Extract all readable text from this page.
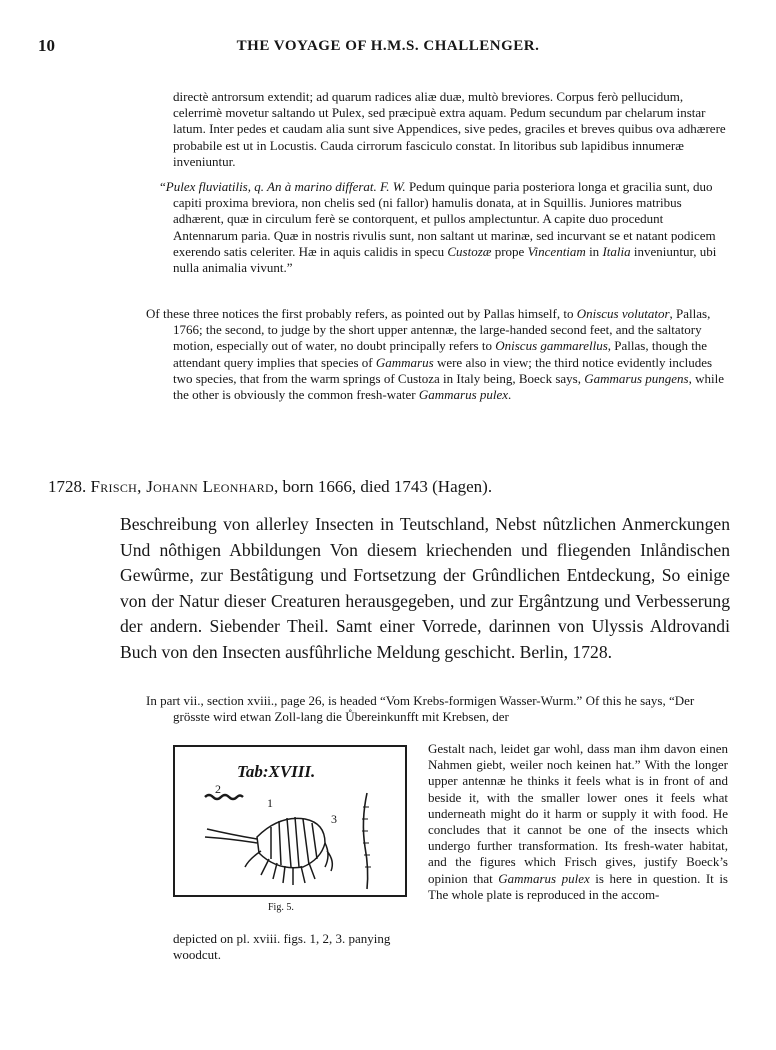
10	THE VOYAGE OF H.M.S. CHALLENGER.

directè antrorsum extendit; ad quarum radices aliæ duæ, multò breviores. Corpus ferò pellucidum, celerrimè movetur saltando ut Pulex, sed præcipuè extra aquam. Pedum secundum par chelarum instar latum. Inter pedes et caudam alia sunt sive Appendices, sive pedes, graciles et breves quibus ova adhærere probabile est ut in Locustis. Cauda cirrorum fasciculo constat. In litoribus sub lapidibus innumeræ inveniuntur.

“Pulex fluviatilis, q. An à marino differat. F. W. Pedum quinque paria posteriora longa et gracilia sunt, duo capiti proxima breviora, non chelis sed (ni fallor) hamulis donata, at in Squillis. Juniores matribus adhærent, quæ in circulum ferè se contorquent, et pullos amplectuntur. A capite duo procedunt Antennarum paria. Quæ in nostris rivulis sunt, non saltant ut marinæ, sed incurvant se et natant podicem exerendo satis celeriter. Hæ in aquis calidis in specu Custozæ prope Vincentiam in Italia inveniuntur, ubi nulla animalia vivunt.”

Of these three notices the first probably refers, as pointed out by Pallas himself, to Oniscus volutator, Pallas, 1766; the second, to judge by the short upper antennæ, the large-handed second feet, and the saltatory motion, especially out of water, no doubt principally refers to Oniscus gammarellus, Pallas, though the attendant query implies that species of Gammarus were also in view; the third notice evidently includes two species, that from the warm springs of Custoza in Italy being, Boeck says, Gammarus pungens, while the other is obviously the common fresh-water Gammarus pulex.

1728. Frisch, Johann Leonhard, born 1666, died 1743 (Hagen).

Beschreibung von allerley Insecten in Teutschland, Nebst nûtzlichen Anmerckungen Und nôthigen Abbildungen Von diesem kriechenden und fliegenden Inlåndischen Gewûrme, zur Bestâtigung und Fortsetzung der Grûndlichen Entdeckung, So einige von der Natur dieser Creaturen herausgegeben, und zur Ergântzung und Verbesserung der andern. Siebender Theil. Samt einer Vorrede, darinnen von Ulyssis Aldrovandi Buch von den Insecten ausfûhrliche Meldung geschicht. Berlin, 1728.

In part vii., section xviii., page 26, is headed “Vom Krebs-formigen Wasser-Wurm.” Of this he says, “Der grösste wird etwan Zoll-lang die Ůbereinkunfft mit Krebsen, der

Tab:XVIII.
2
1
3
Fig. 5.

Gestalt nach, leidet gar wohl, dass man ihm davon einen Nahmen giebt, weiler noch keinen hat.” With the longer upper antennæ he thinks it feels what is in front of and beside it, with the smaller lower ones it feels what underneath might do it harm or supply it with food. He concludes that it cannot be one of the insects which undergo further transformation. Its fresh-water habitat, and the figures which Frisch gives, justify Boeck’s opinion that Gammarus pulex is here in question. It is The whole plate is reproduced in the accom-

depicted on pl. xviii. figs. 1, 2, 3. panying woodcut.
